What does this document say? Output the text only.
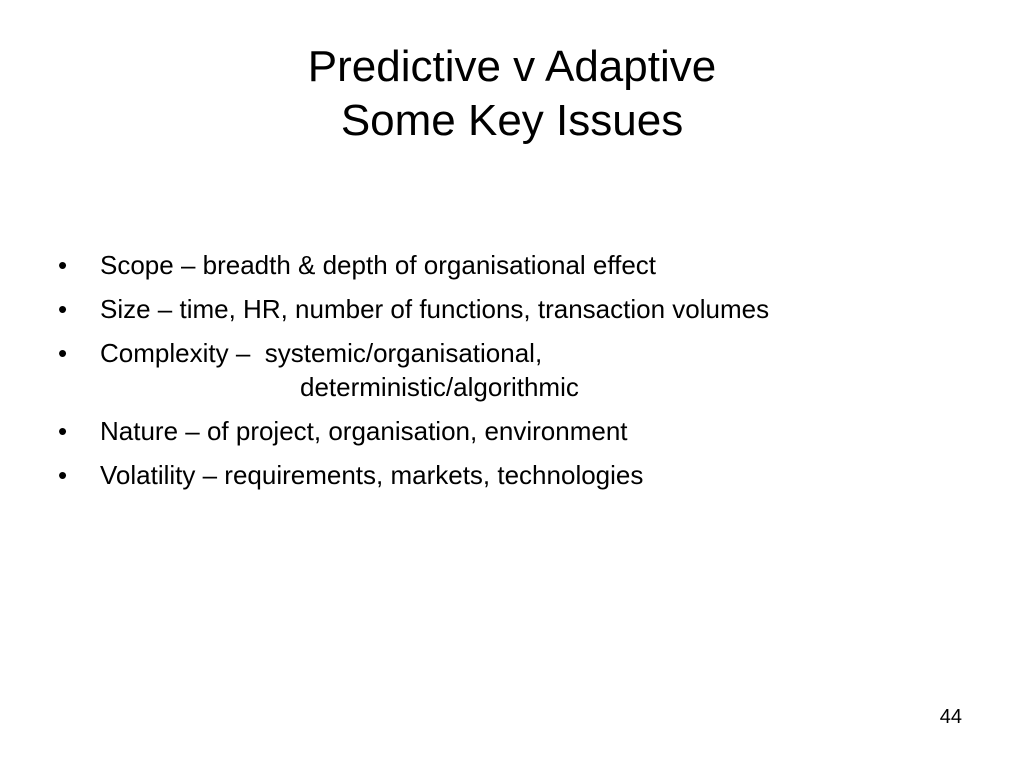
Predictive v Adaptive
Some Key Issues
•	Scope – breadth & depth of organisational effect
•	Size – time, HR, number of functions, transaction volumes
•	Complexity –  systemic/organisational,
deterministic/algorithmic
•	Nature – of project, organisation, environment
•	Volatility – requirements, markets, technologies
44
